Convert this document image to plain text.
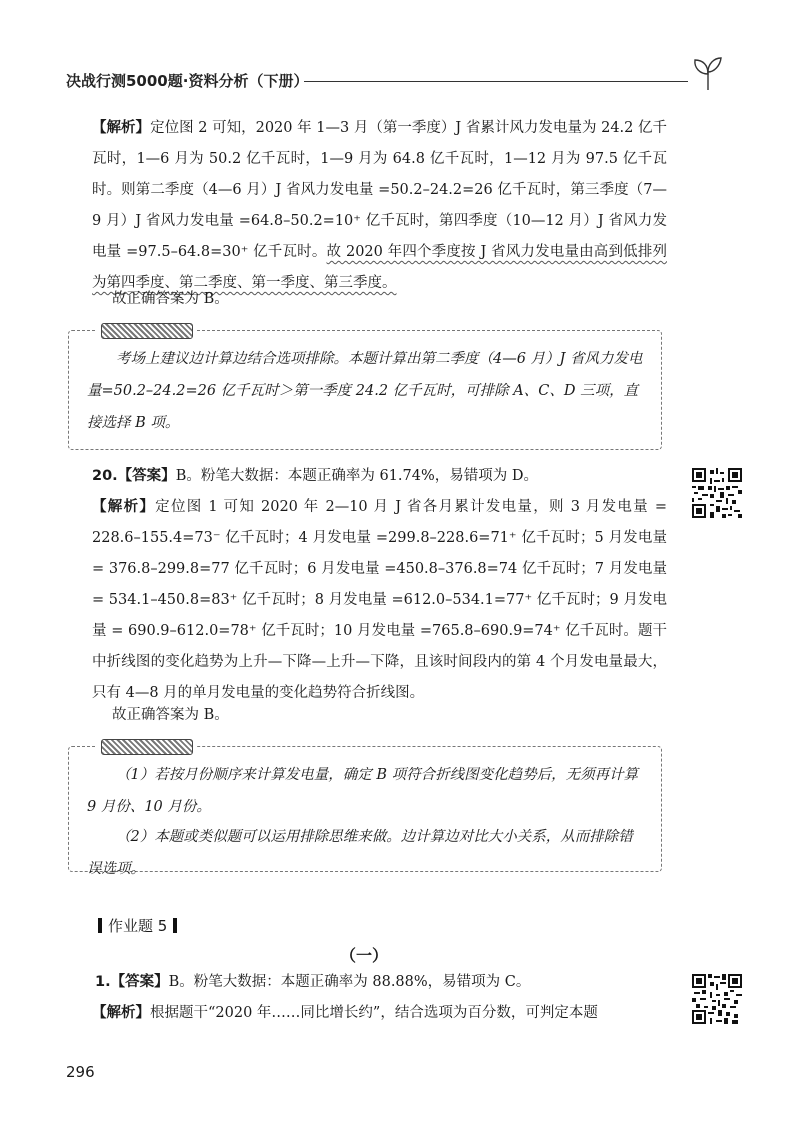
决战行测5000题·资料分析（下册）
【解析】定位图 2 可知，2020 年 1—3 月（第一季度）J 省累计风力发电量为 24.2 亿千瓦时，1—6 月为 50.2 亿千瓦时，1—9 月为 64.8 亿千瓦时，1—12 月为 97.5 亿千瓦时。则第二季度（4—6 月）J 省风力发电量 =50.2–24.2=26 亿千瓦时，第三季度（7—9 月）J 省风力发电量 =64.8–50.2=10⁺ 亿千瓦时，第四季度（10—12 月）J 省风力发电量 =97.5–64.8=30⁺ 亿千瓦时。故 2020 年四个季度按 J 省风力发电量由高到低排列为第四季度、第二季度、第一季度、第三季度。
故正确答案为 B。
考场上建议边计算边结合选项排除。本题计算出第二季度（4—6 月）J 省风力发电量=50.2–24.2=26 亿千瓦时＞第一季度 24.2 亿千瓦时，可排除 A、C、D 三项，直接选择 B 项。
20.【答案】B。粉笔大数据：本题正确率为 61.74%，易错项为 D。
【解析】定位图 1 可知 2020 年 2—10 月 J 省各月累计发电量，则 3 月发电量 = 228.6–155.4=73⁻ 亿千瓦时；4 月发电量 =299.8–228.6=71⁺ 亿千瓦时；5 月发电量 = 376.8–299.8=77 亿千瓦时；6 月发电量 =450.8–376.8=74 亿千瓦时；7 月发电量 = 534.1–450.8=83⁺ 亿千瓦时；8 月发电量 =612.0–534.1=77⁺ 亿千瓦时；9 月发电量 = 690.9–612.0=78⁺ 亿千瓦时；10 月发电量 =765.8–690.9=74⁺ 亿千瓦时。题干中折线图的变化趋势为上升—下降—上升—下降，且该时间段内的第 4 个月发电量最大，只有 4—8 月的单月发电量的变化趋势符合折线图。
故正确答案为 B。
（1）若按月份顺序来计算发电量，确定 B 项符合折线图变化趋势后，无须再计算 9 月份、10 月份。
（2）本题或类似题可以运用排除思维来做。边计算边对比大小关系，从而排除错误选项。
作业题 5
（一）
1.【答案】B。粉笔大数据：本题正确率为 88.88%，易错项为 C。
【解析】根据题干“2020 年……同比增长约”，结合选项为百分数，可判定本题
296
